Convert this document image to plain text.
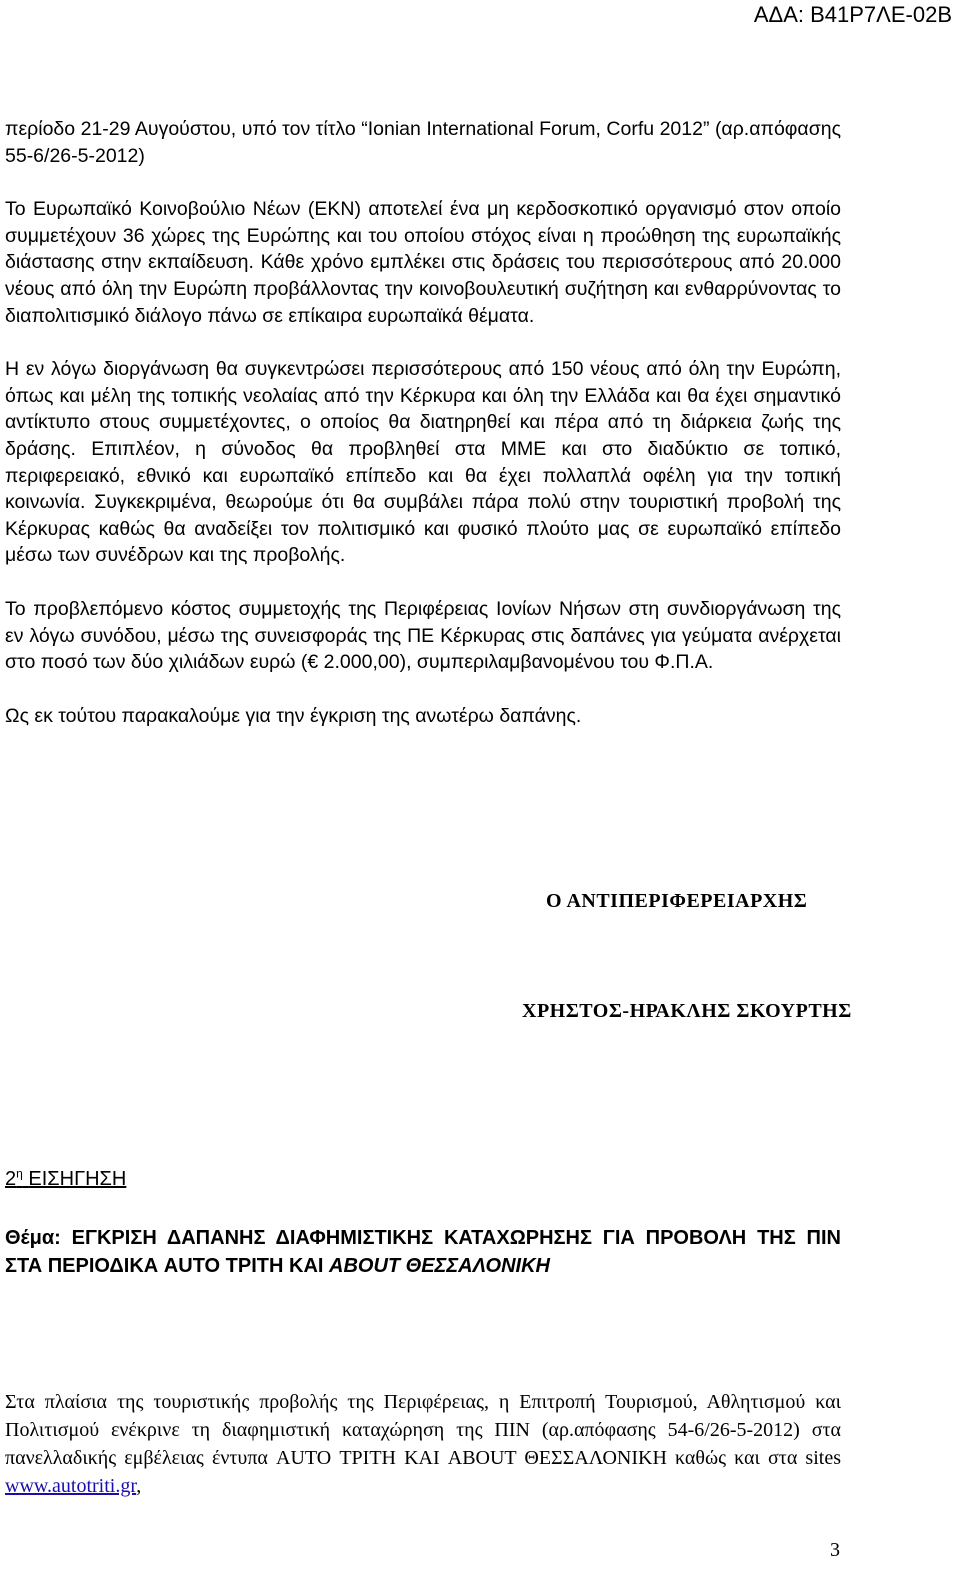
ΑΔΑ: Β41Ρ7ΛΕ-02Β

περίοδο 21-29 Αυγούστου, υπό τον τίτλο “Ionian International Forum, Corfu 2012” (αρ.απόφασης 55-6/26-5-2012)

Το Ευρωπαϊκό Κοινοβούλιο Νέων (ΕΚΝ) αποτελεί ένα μη κερδοσκοπικό οργανισμό στον οποίο συμμετέχουν 36 χώρες της Ευρώπης και του οποίου στόχος είναι η προώθηση της ευρωπαϊκής διάστασης στην εκπαίδευση. Κάθε χρόνο εμπλέκει στις δράσεις του περισσότερους από 20.000 νέους από όλη την Ευρώπη προβάλλοντας την κοινοβουλευτική συζήτηση και ενθαρρύνοντας το διαπολιτισμικό διάλογο πάνω σε επίκαιρα ευρωπαϊκά θέματα.

Η εν λόγω διοργάνωση θα συγκεντρώσει περισσότερους από 150 νέους από όλη την Ευρώπη, όπως και μέλη της τοπικής νεολαίας από την Κέρκυρα και όλη την Ελλάδα και θα έχει σημαντικό αντίκτυπο στους συμμετέχοντες, ο οποίος θα διατηρηθεί και πέρα από τη διάρκεια ζωής της δράσης. Επιπλέον, η σύνοδος θα προβληθεί στα ΜΜΕ και στο διαδύκτιο σε τοπικό, περιφερειακό, εθνικό και ευρωπαϊκό επίπεδο και θα έχει πολλαπλά οφέλη για την τοπική κοινωνία. Συγκεκριμένα, θεωρούμε ότι θα συμβάλει πάρα πολύ στην τουριστική προβολή της Κέρκυρας καθώς θα αναδείξει τον πολιτισμικό και φυσικό πλούτο μας σε ευρωπαϊκό επίπεδο μέσω των συνέδρων και της προβολής.

Το προβλεπόμενο κόστος συμμετοχής της Περιφέρειας Ιονίων Νήσων στη συνδιοργάνωση της εν λόγω συνόδου, μέσω της συνεισφοράς της ΠΕ Κέρκυρας στις δαπάνες για γεύματα ανέρχεται στο ποσό των δύο χιλιάδων ευρώ (€ 2.000,00), συμπεριλαμβανομένου του Φ.Π.Α.

Ως εκ τούτου παρακαλούμε για την έγκριση της ανωτέρω δαπάνης.

Ο ΑΝΤΙΠΕΡΙΦΕΡΕΙΑΡΧΗΣ
ΧΡΗΣΤΟΣ-ΗΡΑΚΛΗΣ ΣΚΟΥΡΤΗΣ
$2^\eta$ ΕΙΣΗΓΗΣΗ

Θέμα: ΕΓΚΡΙΣΗ ΔΑΠΑΝΗΣ ΔΙΑΦΗΜΙΣΤΙΚΗΣ ΚΑΤΑΧΩΡΗΣΗΣ ΓΙΑ ΠΡΟΒΟΛΗ ΤΗΣ ΠΙΝ ΣΤΑ ΠΕΡΙΟΔΙΚΑ AUTO ΤΡΙΤΗ ΚΑΙ ABOUT ΘΕΣΣΑΛΟΝΙΚΗ

Στα πλαίσια της τουριστικής προβολής της Περιφέρειας, η Επιτροπή Τουρισμού, Αθλητισμού και Πολιτισμού ενέκρινε τη διαφημιστική καταχώρηση της ΠΙΝ (αρ.απόφασης 54-6/26-5-2012) στα πανελλαδικής εμβέλειας έντυπα AUTO ΤΡΙΤΗ ΚΑΙ ABOUT ΘΕΣΣΑΛΟΝΙΚΗ καθώς και στα sites www.autotriti.gr,

3
